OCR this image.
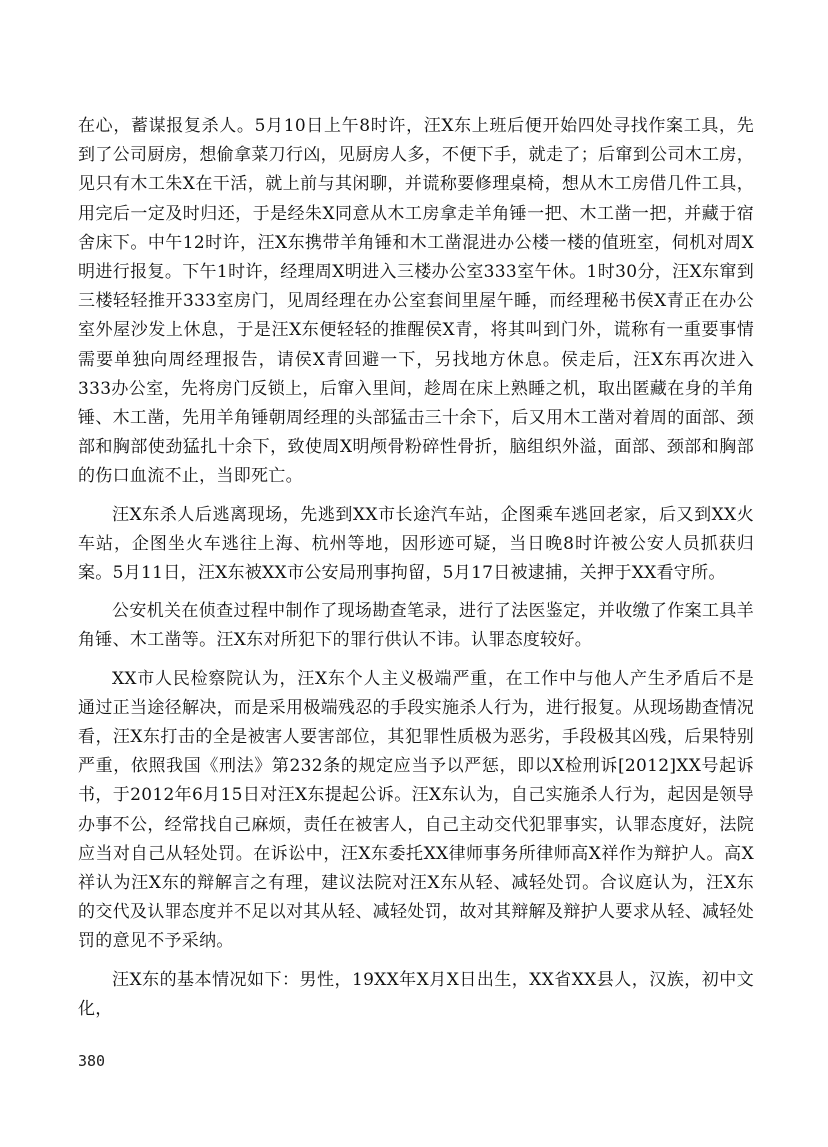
在心，蓄谋报复杀人。5月10日上午8时许，汪X东上班后便开始四处寻找作案工具，先到了公司厨房，想偷拿菜刀行凶，见厨房人多，不便下手，就走了；后窜到公司木工房，见只有木工朱X在干活，就上前与其闲聊，并谎称要修理桌椅，想从木工房借几件工具，用完后一定及时归还，于是经朱X同意从木工房拿走羊角锤一把、木工凿一把，并藏于宿舍床下。中午12时许，汪X东携带羊角锤和木工凿混进办公楼一楼的值班室，伺机对周X明进行报复。下午1时许，经理周X明进入三楼办公室333室午休。1时30分，汪X东窜到三楼轻轻推开333室房门，见周经理在办公室套间里屋午睡，而经理秘书侯X青正在办公室外屋沙发上休息，于是汪X东便轻轻的推醒侯X青，将其叫到门外，谎称有一重要事情需要单独向周经理报告，请侯X青回避一下，另找地方休息。侯走后，汪X东再次进入333办公室，先将房门反锁上，后窜入里间，趁周在床上熟睡之机，取出匿藏在身的羊角锤、木工凿，先用羊角锤朝周经理的头部猛击三十余下，后又用木工凿对着周的面部、颈部和胸部使劲猛扎十余下，致使周X明颅骨粉碎性骨折，脑组织外溢，面部、颈部和胸部的伤口血流不止，当即死亡。

汪X东杀人后逃离现场，先逃到XX市长途汽车站，企图乘车逃回老家，后又到XX火车站，企图坐火车逃往上海、杭州等地，因形迹可疑，当日晚8时许被公安人员抓获归案。5月11日，汪X东被XX市公安局刑事拘留，5月17日被逮捕，关押于XX看守所。

公安机关在侦查过程中制作了现场勘查笔录，进行了法医鉴定，并收缴了作案工具羊角锤、木工凿等。汪X东对所犯下的罪行供认不讳。认罪态度较好。

XX市人民检察院认为，汪X东个人主义极端严重，在工作中与他人产生矛盾后不是通过正当途径解决，而是采用极端残忍的手段实施杀人行为，进行报复。从现场勘查情况看，汪X东打击的全是被害人要害部位，其犯罪性质极为恶劣，手段极其凶残，后果特别严重，依照我国《刑法》第232条的规定应当予以严惩，即以X检刑诉[2012]XX号起诉书，于2012年6月15日对汪X东提起公诉。汪X东认为，自己实施杀人行为，起因是领导办事不公，经常找自己麻烦，责任在被害人，自己主动交代犯罪事实，认罪态度好，法院应当对自己从轻处罚。在诉讼中，汪X东委托XX律师事务所律师高X祥作为辩护人。高X祥认为汪X东的辩解言之有理，建议法院对汪X东从轻、减轻处罚。合议庭认为，汪X东的交代及认罪态度并不足以对其从轻、减轻处罚，故对其辩解及辩护人要求从轻、减轻处罚的意见不予采纳。

汪X东的基本情况如下：男性，19XX年X月X日出生，XX省XX县人，汉族，初中文化，

380
